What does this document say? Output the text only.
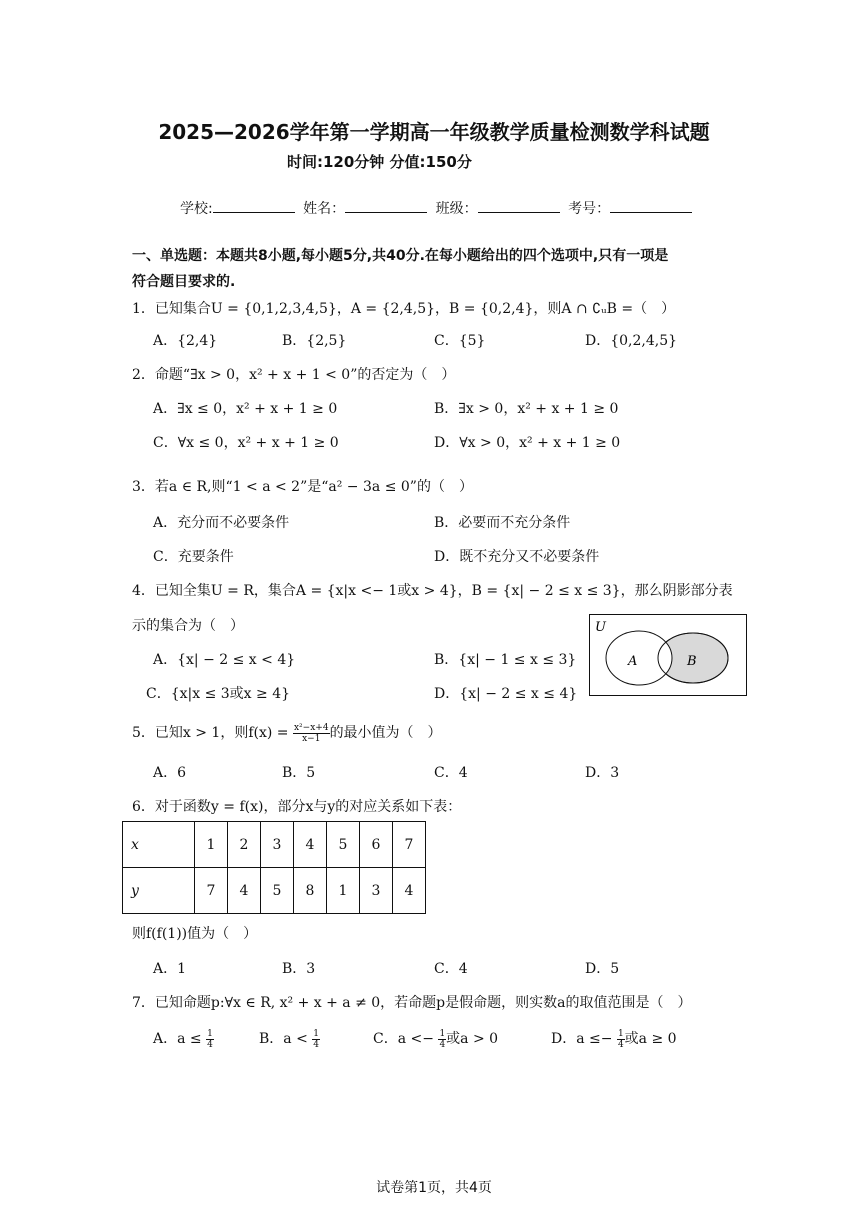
2025—2026学年第一学期高一年级教学质量检测数学科试题
时间:120分钟 分值:150分
学校:	姓名：	班级：	考号：
一、单选题：本题共8小题,每小题5分,共40分.在每小题给出的四个选项中,只有一项是
符合题目要求的.
1．已知集合U = {0,1,2,3,4,5}，A = {2,4,5}，B = {0,2,4}，则A ∩ ∁ᵤB =（　）
A．{2,4}	B．{2,5}	C．{5}	D．{0,2,4,5}
2．命题“∃x > 0，x² + x + 1 < 0”的否定为（　）
A．∃x ≤ 0，x² + x + 1 ≥ 0	B．∃x > 0，x² + x + 1 ≥ 0
C．∀x ≤ 0，x² + x + 1 ≥ 0	D．∀x > 0，x² + x + 1 ≥ 0
3．若a ∈ R,则“1 < a < 2”是“a² − 3a ≤ 0”的（　）
A．充分而不必要条件	B．必要而不充分条件
C．充要条件	D．既不充分又不必要条件
4．已知全集U = R，集合A = {x|x <− 1或x > 4}，B = {x| − 2 ≤ x ≤ 3}，那么阴影部分表
示的集合为（　）
A．{x| − 2 ≤ x < 4}	B．{x| − 1 ≤ x ≤ 3}
C．{x|x ≤ 3或x ≥ 4}	D．{x| − 2 ≤ x ≤ 4}
U
A	B
5．已知x > 1，则$f(x) = \frac{\text{x²−x+4}}{x-1}$ 的最小值为（　）
A．6	B．5	C．4	D．3
6．对于函数y = f(x)，部分x与y的对应关系如下表：
x	1	2	3	4	5	6	7
y	7	4	5	8	1	3	4
则f(f(1))值为（　）
A．1	B．3	C．4	D．5
7．已知命题p:∀x ∈ R, x² + x + a ≠ 0，若命题p是假命题，则实数a的取值范围是（　）
A．$a \le \frac{1}{4}$	B．$a < \frac{1}{4}$	C．$a <- \frac{1}{4}$ 或a > 0	D．$a \le- \frac{1}{4}$ 或a ≥ 0
试卷第1页，共4页
